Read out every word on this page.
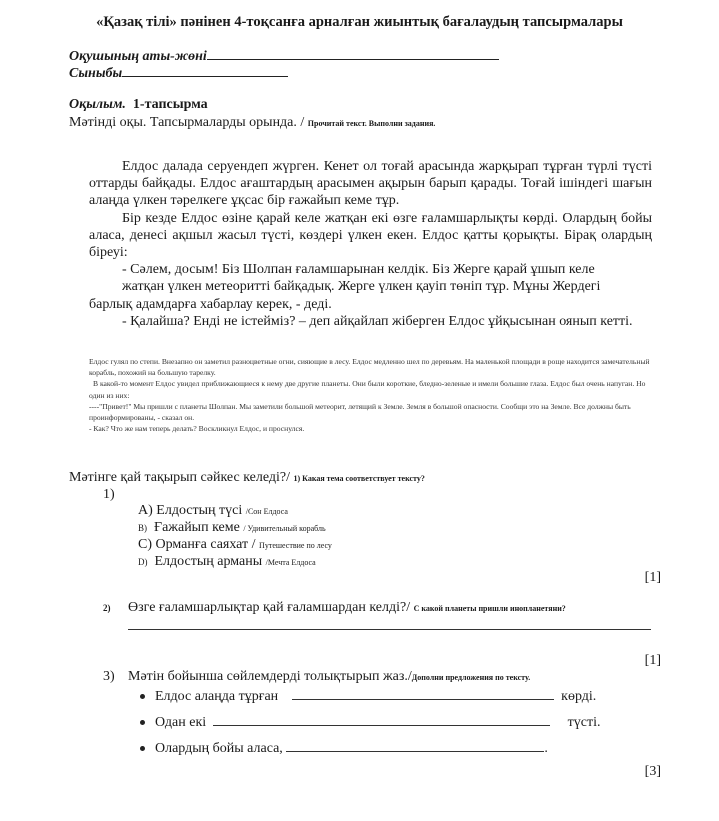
«Қазақ тілі» пәнінен 4-тоқсанға арналған жиынтық бағалаудың тапсырмалары
Оқушының аты-жөні
Сыныбы
Оқылым. 1-тапсырма
Мәтінді оқы. Тапсырмаларды орында. / Прочитай текст. Выполни задания.

Елдос далада серуендеп жүрген. Кенет ол тоғай арасында жарқырап тұрған түрлі түсті оттарды байқады. Елдос ағаштардың арасымен ақырын барып қарады. Тоғай ішіндегі шағын алаңда үлкен тәрелкеге ұқсас бір ғажайып кеме тұр.

Бір кезде Елдос өзіне қарай келе жатқан екі өзге ғаламшарлықты көрді. Олардың бойы аласа, денесі ақшыл жасыл түсті, көздері үлкен екен. Елдос қатты қорықты. Бірақ олардың біреуі:

- Сәлем, досым! Біз Шолпан ғаламшарынан келдік. Біз Жерге қарай ұшып келе

жатқан үлкен метеоритті байқадық. Жерге үлкен қауіп төніп тұр. Мұны Жердегі

барлық адамдарға хабарлау керек, - деді.

- Қалайша? Енді не істейміз? – деп айқайлап жіберген Елдос ұйқысынан оянып кетті.

Елдос гулял по степи. Внезапно он заметил разноцветные огни, сияющие в лесу. Елдос медленно шел по деревьям. На маленькой площади в роще находится замечательный корабль, похожий на большую тарелку.

В какой-то момент Елдос увидел приближающиеся к нему две другие планеты. Они были короткие, бледно-зеленые и имели большие глаза. Елдос был очень напуган. Но один из них:

----"Привет!" Мы пришли с планеты Шолпан. Мы заметили большой метеорит, летящий к Земле. Земля в большой опасности. Сообщи это на Земле. Все должны быть проинформированы, - сказал он.

- Как? Что же нам теперь делать? Воскликнул Елдос, и проснулся.

Мәтінге қай тақырып сәйкес келеді?/ 1) Какая тема соответствует тексту?
1)
A) Елдостың түсі /Сон Елдоса
B) Ғажайып кеме / Удивительный корабль
C) Орманға саяхат / Путешествие по лесу
D) Елдостың арманы /Мечта Елдоса
[1]
2) Өзге ғаламшарлықтар қай ғаламшардан келді?/ С какой планеты пришли инопланетяни?
[1]
3) Мәтін бойынша сөйлемдерді толықтырып жаз./Дополни предложения по тексту.
Елдос алаңда тұрған	көрді.
Одан екі	түсті.
Олардың бойы аласа,	.
[3]
